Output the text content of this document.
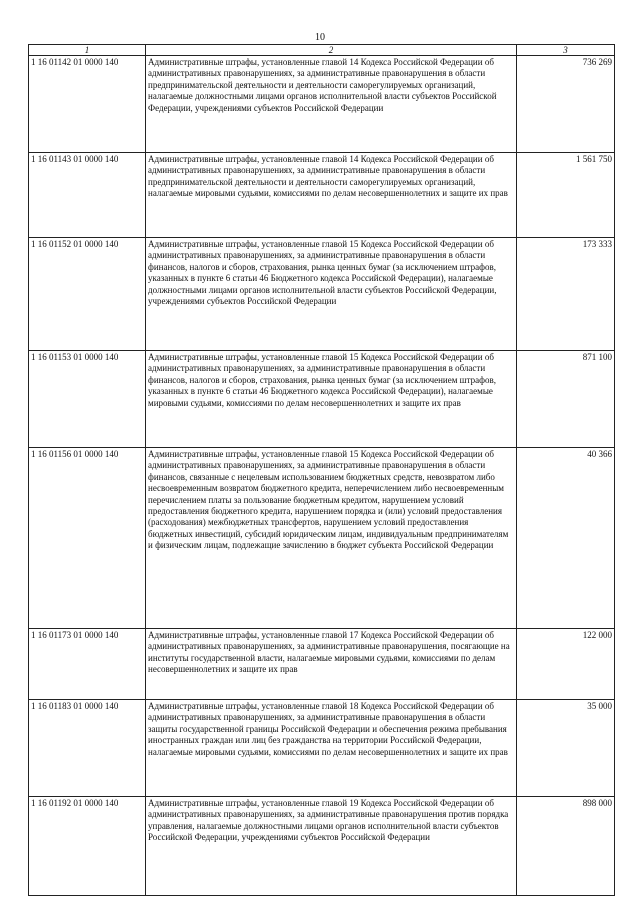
10
1	2	3
1 16 01142 01 0000 140	Административные штрафы, установленные главой 14 Кодекса Российской Федерации об административных правонарушениях, за административные правонарушения в области предпринимательской деятельности и деятельности саморегулируемых организаций, налагаемые должностными лицами органов исполнительной власти субъектов Российской Федерации, учреждениями субъектов Российской Федерации	736 269
1 16 01143 01 0000 140	Административные штрафы, установленные главой 14 Кодекса Российской Федерации об административных правонарушениях, за административные правонарушения в области предпринимательской деятельности и деятельности саморегулируемых организаций, налагаемые мировыми судьями, комиссиями по делам несовершеннолетних и защите их прав	1 561 750
1 16 01152 01 0000 140	Административные штрафы, установленные главой 15 Кодекса Российской Федерации об административных правонарушениях, за административные правонарушения в области финансов, налогов и сборов, страхования, рынка ценных бумаг (за исключением штрафов, указанных в пункте 6 статьи 46 Бюджетного кодекса Российской Федерации), налагаемые должностными лицами органов исполнительной власти субъектов Российской Федерации, учреждениями субъектов Российской Федерации	173 333
1 16 01153 01 0000 140	Административные штрафы, установленные главой 15 Кодекса Российской Федерации об административных правонарушениях, за административные правонарушения в области финансов, налогов и сборов, страхования, рынка ценных бумаг (за исключением штрафов, указанных в пункте 6 статьи 46 Бюджетного кодекса Российской Федерации), налагаемые мировыми судьями, комиссиями по делам несовершеннолетних и защите их прав	871 100
1 16 01156 01 0000 140	Административные штрафы, установленные главой 15 Кодекса Российской Федерации об административных правонарушениях, за административные правонарушения в области финансов, связанные с нецелевым использованием бюджетных средств, невозвратом либо несвоевременным возвратом бюджетного кредита, неперечислением либо несвоевременным перечислением платы за пользование бюджетным кредитом, нарушением условий предоставления бюджетного кредита, нарушением порядка и (или) условий предоставления (расходования) межбюджетных трансфертов, нарушением условий предоставления бюджетных инвестиций, субсидий юридическим лицам, индивидуальным предпринимателям и физическим лицам, подлежащие зачислению в бюджет субъекта Российской Федерации	40 366
1 16 01173 01 0000 140	Административные штрафы, установленные главой 17 Кодекса Российской Федерации об административных правонарушениях, за административные правонарушения, посягающие на институты государственной власти, налагаемые мировыми судьями, комиссиями по делам несовершеннолетних и защите их прав	122 000
1 16 01183 01 0000 140	Административные штрафы, установленные главой 18 Кодекса Российской Федерации об административных правонарушениях, за административные правонарушения в области защиты государственной границы Российской Федерации и обеспечения режима пребывания иностранных граждан или лиц без гражданства на территории Российской Федерации, налагаемые мировыми судьями, комиссиями по делам несовершеннолетних и защите их прав	35 000
1 16 01192 01 0000 140	Административные штрафы, установленные главой 19 Кодекса Российской Федерации об административных правонарушениях, за административные правонарушения против порядка управления, налагаемые должностными лицами органов исполнительной власти субъектов Российской Федерации, учреждениями субъектов Российской Федерации	898 000
